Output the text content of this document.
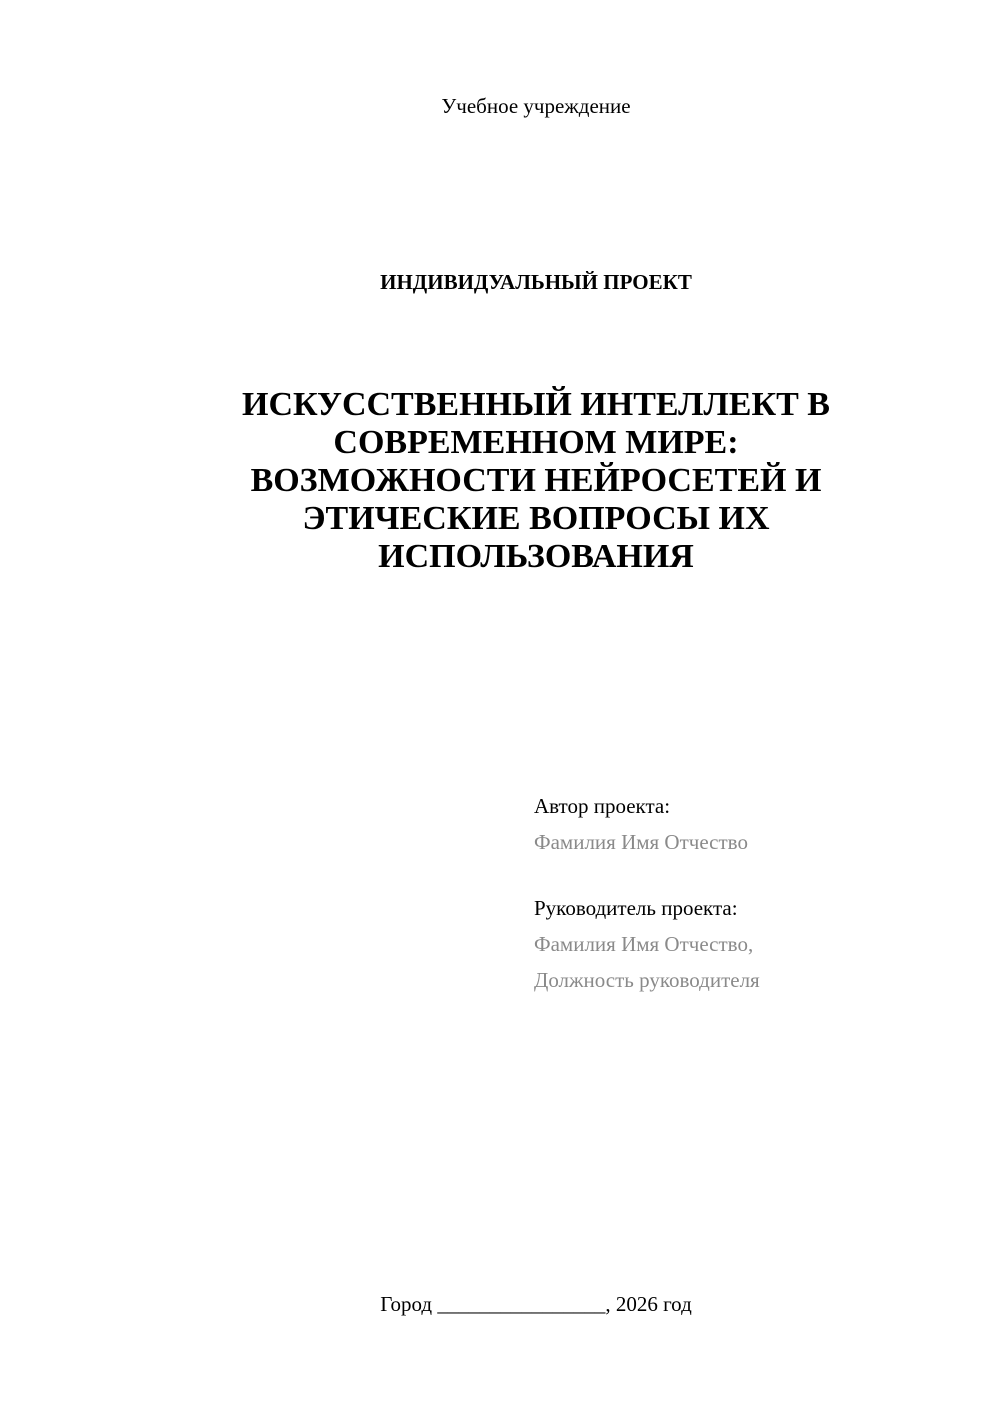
Учебное учреждение
ИНДИВИДУАЛЬНЫЙ ПРОЕКТ
ИСКУССТВЕННЫЙ ИНТЕЛЛЕКТ В
СОВРЕМЕННОМ МИРЕ:
ВОЗМОЖНОСТИ НЕЙРОСЕТЕЙ И
ЭТИЧЕСКИЕ ВОПРОСЫ ИХ
ИСПОЛЬЗОВАНИЯ
Автор проекта:
Фамилия Имя Отчество
Руководитель проекта:
Фамилия Имя Отчество,
Должность руководителя
Город ________________, 2026 год
